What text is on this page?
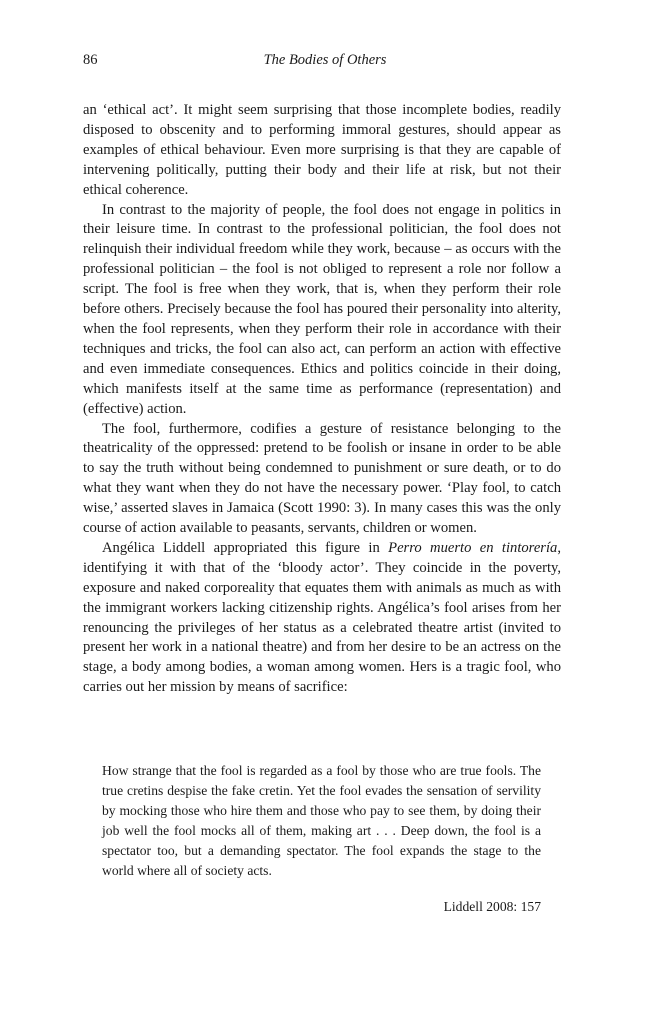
86	The Bodies of Others

an ‘ethical act’. It might seem surprising that those incomplete bodies, readily disposed to obscenity and to performing immoral gestures, should appear as examples of ethical behaviour. Even more surprising is that they are capable of intervening politically, putting their body and their life at risk, but not their ethical coherence.

In contrast to the majority of people, the fool does not engage in politics in their leisure time. In contrast to the professional politician, the fool does not relinquish their individual freedom while they work, because – as occurs with the professional politician – the fool is not obliged to represent a role nor follow a script. The fool is free when they work, that is, when they perform their role before others. Precisely because the fool has poured their personality into alterity, when the fool represents, when they perform their role in accordance with their techniques and tricks, the fool can also act, can perform an action with effective and even immediate consequences. Ethics and politics coincide in their doing, which manifests itself at the same time as performance (representation) and (effective) action.

The fool, furthermore, codifies a gesture of resistance belonging to the theatricality of the oppressed: pretend to be foolish or insane in order to be able to say the truth without being condemned to punishment or sure death, or to do what they want when they do not have the necessary power. ‘Play fool, to catch wise,’ asserted slaves in Jamaica (Scott 1990: 3). In many cases this was the only course of action available to peasants, servants, children or women.

Angélica Liddell appropriated this figure in Perro muerto en tintorería, identifying it with that of the ‘bloody actor’. They coincide in the poverty, exposure and naked corporeality that equates them with animals as much as with the immigrant workers lacking citizenship rights. Angélica’s fool arises from her renouncing the privileges of her status as a celebrated theatre artist (invited to present her work in a national theatre) and from her desire to be an actress on the stage, a body among bodies, a woman among women. Hers is a tragic fool, who carries out her mission by means of sacrifice:

How strange that the fool is regarded as a fool by those who are true fools. The true cretins despise the fake cretin. Yet the fool evades the sensation of servility by mocking those who hire them and those who pay to see them, by doing their job well the fool mocks all of them, making art . . . Deep down, the fool is a spectator too, but a demanding spectator. The fool expands the stage to the world where all of society acts.

Liddell 2008: 157
